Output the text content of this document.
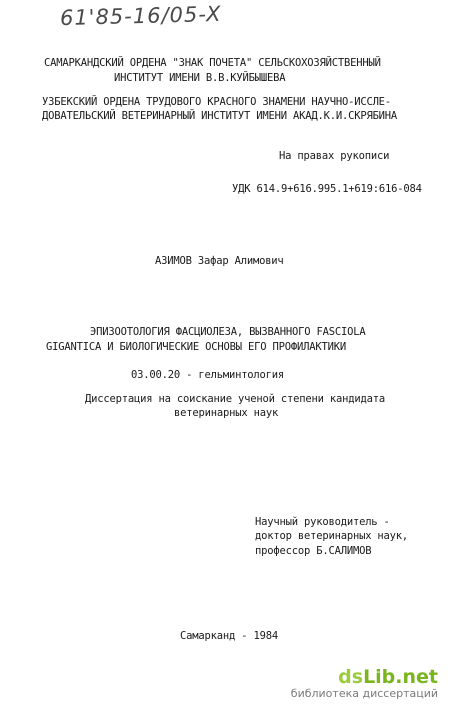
61'85-16/05-X
САМАРКАНДСКИЙ ОРДЕНА "ЗНАК ПОЧЕТА" СЕЛЬСКОХОЗЯЙСТВЕННЫЙ
ИНСТИТУТ ИМЕНИ В.В.КУЙБЫШЕВА
УЗБЕКСКИЙ ОРДЕНА ТРУДОВОГО КРАСНОГО ЗНАМЕНИ НАУЧНО-ИССЛЕ-
ДОВАТЕЛЬСКИЙ ВЕТЕРИНАРНЫЙ ИНСТИТУТ ИМЕНИ АКАД.К.И.СКРЯБИНА
На правах рукописи
УДК 614.9+616.995.1+619:616-084
АЗИМОВ Зафар Алимович
ЭПИЗООТОЛОГИЯ ФАСЦИОЛЕЗА, ВЫЗВАННОГО FASCIOLA
GIGANTICA И БИОЛОГИЧЕСКИЕ ОСНОВЫ ЕГО ПРОФИЛАКТИКИ
03.00.20 - гельминтология
Диссертация на соискание ученой степени кандидата
ветеринарных наук
Научный руководитель -
доктор ветеринарных наук,
профессор Б.САЛИМОВ
Самарканд - 1984
dsLib.net
библиотека диссертаций
